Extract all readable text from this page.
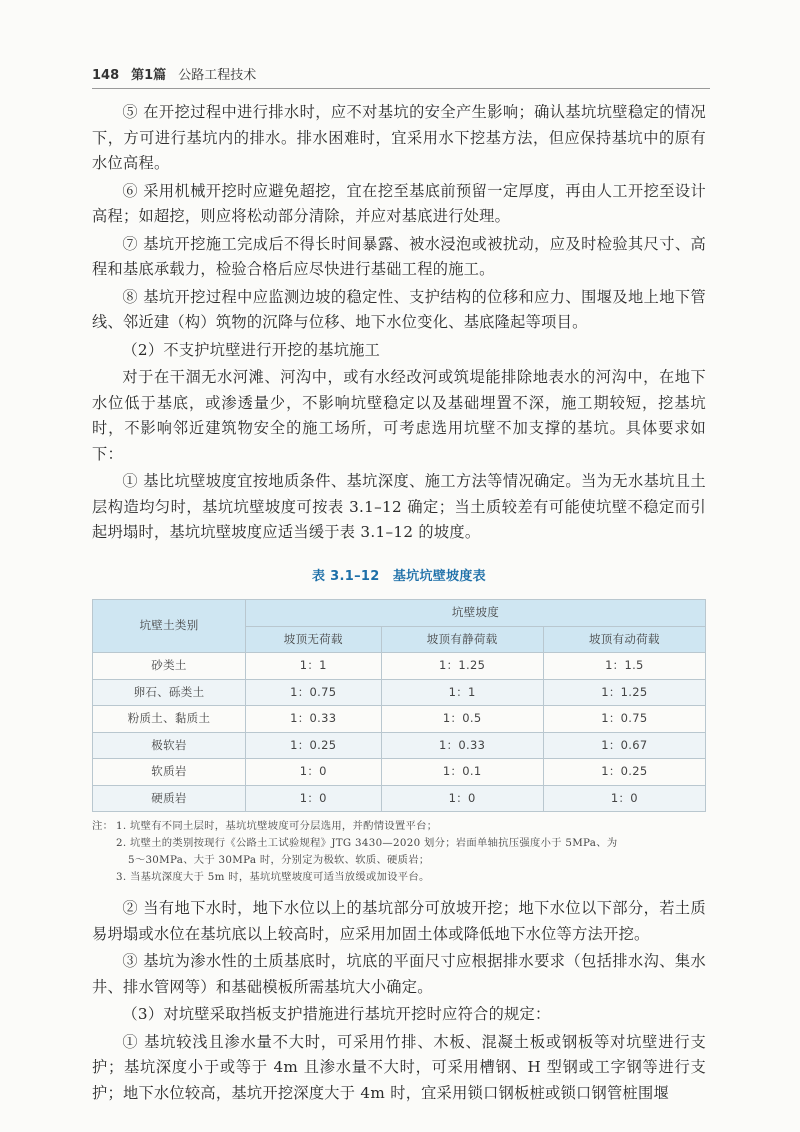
148 第1篇 公路工程技术

⑤ 在开挖过程中进行排水时，应不对基坑的安全产生影响；确认基坑坑壁稳定的情况下，方可进行基坑内的排水。排水困难时，宜采用水下挖基方法，但应保持基坑中的原有水位高程。

⑥ 采用机械开挖时应避免超挖，宜在挖至基底前预留一定厚度，再由人工开挖至设计高程；如超挖，则应将松动部分清除，并应对基底进行处理。

⑦ 基坑开挖施工完成后不得长时间暴露、被水浸泡或被扰动，应及时检验其尺寸、高程和基底承载力，检验合格后应尽快进行基础工程的施工。

⑧ 基坑开挖过程中应监测边坡的稳定性、支护结构的位移和应力、围堰及地上地下管线、邻近建（构）筑物的沉降与位移、地下水位变化、基底隆起等项目。

（2）不支护坑壁进行开挖的基坑施工

对于在干涸无水河滩、河沟中，或有水经改河或筑堤能排除地表水的河沟中，在地下水位低于基底，或渗透量少，不影响坑壁稳定以及基础埋置不深，施工期较短，挖基坑时，不影响邻近建筑物安全的施工场所，可考虑选用坑壁不加支撑的基坑。具体要求如下：

① 基比坑壁坡度宜按地质条件、基坑深度、施工方法等情况确定。当为无水基坑且土层构造均匀时，基坑坑壁坡度可按表 3.1–12 确定；当土质较差有可能使坑壁不稳定而引起坍塌时，基坑坑壁坡度应适当缓于表 3.1–12 的坡度。

表 3.1–12　基坑坑壁坡度表
坑壁土类别	坑壁坡度		
	坡顶无荷载	坡顶有静荷载	坡顶有动荷载
砂类土	1：1	1：1.25	1：1.5
卵石、砾类土	1：0.75	1：1	1：1.25
粉质土、黏质土	1：0.33	1：0.5	1：0.75
极软岩	1：0.25	1：0.33	1：0.67
软质岩	1：0	1：0.1	1：0.25
硬质岩	1：0	1：0	1：0
注： 1. 坑壁有不同土层时，基坑坑壁坡度可分层选用，并酌情设置平台；
2. 坑壁土的类别按现行《公路土工试验规程》JTG 3430—2020 划分；岩面单轴抗压强度小于 5MPa、为
5～30MPa、大于 30MPa 时，分别定为极软、软质、硬质岩；
3. 当基坑深度大于 5m 时，基坑坑壁坡度可适当放缓或加设平台。

② 当有地下水时，地下水位以上的基坑部分可放坡开挖；地下水位以下部分，若土质易坍塌或水位在基坑底以上较高时，应采用加固土体或降低地下水位等方法开挖。

③ 基坑为渗水性的土质基底时，坑底的平面尺寸应根据排水要求（包括排水沟、集水井、排水管网等）和基础模板所需基坑大小确定。

（3）对坑壁采取挡板支护措施进行基坑开挖时应符合的规定：

① 基坑较浅且渗水量不大时，可采用竹排、木板、混凝土板或钢板等对坑壁进行支护；基坑深度小于或等于 4m 且渗水量不大时，可采用槽钢、H 型钢或工字钢等进行支护；地下水位较高，基坑开挖深度大于 4m 时，宜采用锁口钢板桩或锁口钢管桩围堰
